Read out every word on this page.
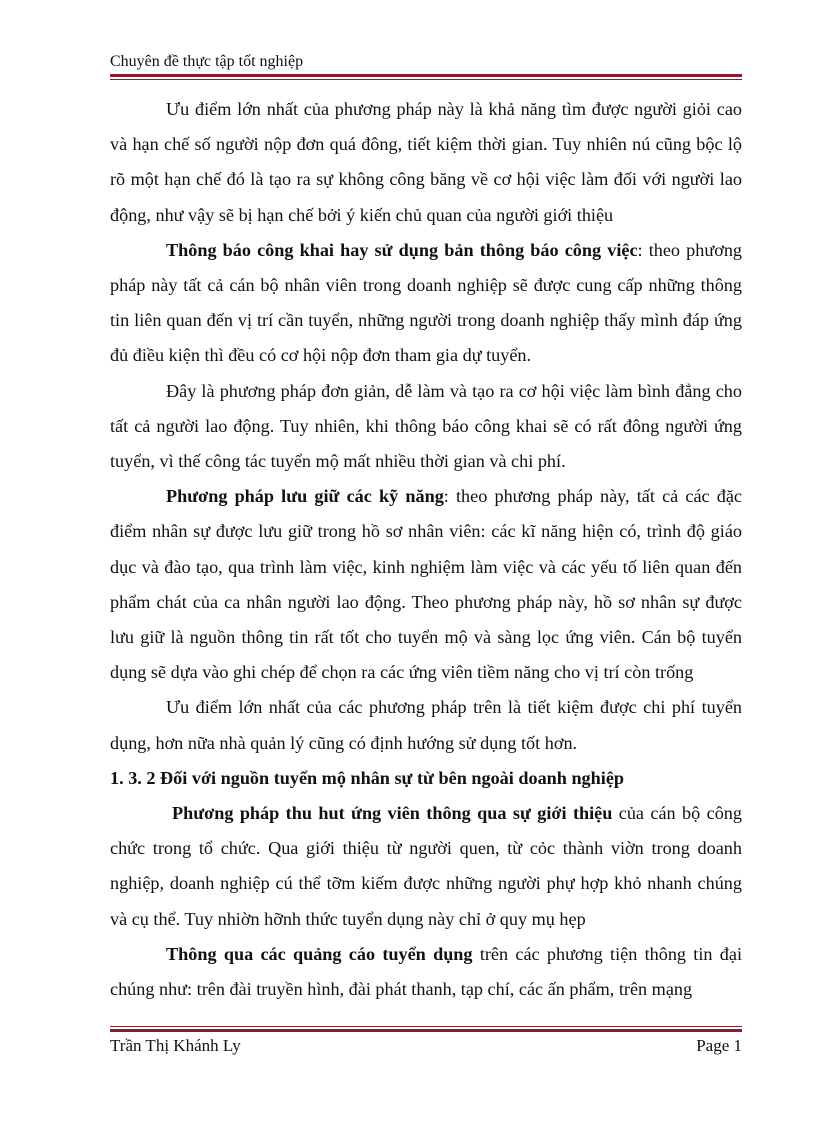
Chuyên đề thực tập tốt nghiệp

Ưu điểm lớn nhất của phương pháp này là khả năng tìm được người giỏi cao và hạn chế số người nộp đơn quá đông, tiết kiệm thời gian. Tuy nhiên nú cũng bộc lộ rõ một hạn chế đó là tạo ra sự không công băng về cơ hội việc làm đối với người lao động, như vậy sẽ bị hạn chế bởi ý kiến chủ quan của người giới thiệu

Thông báo công khai hay sử dụng bản thông báo công việc: theo phương pháp này tất cả cán bộ nhân viên trong doanh nghiệp sẽ được cung cấp những thông tin liên quan đến vị trí cần tuyển, những người trong doanh nghiệp thấy mình đáp ứng đủ điều kiện thì đều có cơ hội nộp đơn tham gia dự tuyển.

Đây là phương pháp đơn giản, dễ làm và tạo ra cơ hội việc làm bình đẳng cho tất cả người lao động. Tuy nhiên, khi thông báo công khai sẽ có rất đông người ứng tuyển, vì thế công tác tuyển mộ mất nhiều thời gian và chi phí.

Phương pháp lưu giữ các kỹ năng: theo phương pháp này, tất cả các đặc điểm nhân sự được lưu giữ trong hồ sơ nhân viên: các kĩ năng hiện có, trình độ giáo dục và đào tạo, qua trình làm việc, kinh nghiệm làm việc và các yếu tố liên quan đến phẩm chát của ca nhân người lao động. Theo phương pháp này, hồ sơ nhân sự được lưu giữ là nguồn thông tin rất tốt cho tuyển mộ và sàng lọc ứng viên. Cán bộ tuyển dụng sẽ dựa vào ghi chép để chọn ra các ứng viên tiềm năng cho vị trí còn trống

Ưu điểm lớn nhất của các phương pháp trên là tiết kiệm được chi phí tuyển dụng, hơn nữa nhà quản lý cũng có định hướng sử dụng tốt hơn.

1. 3. 2 Đối với nguồn tuyển mộ nhân sự từ bên ngoài doanh nghiệp

Phương pháp thu hut ứng viên thông qua sự giới thiệu của cán bộ công chức trong tổ chức. Qua giới thiệu từ người quen, từ cỏc thành viờn trong doanh nghiệp, doanh nghiệp cú thể tỡm kiếm được những người phự hợp khỏ nhanh chúng và cụ thể. Tuy nhiờn hỡnh thức tuyển dụng này chỉ ở quy mụ hẹp

Thông qua các quảng cáo tuyển dụng trên các phương tiện thông tin đại chúng như: trên đài truyền hình, đài phát thanh, tạp chí, các ấn phẩm, trên mạng

Trần Thị Khánh Ly	Page 1
